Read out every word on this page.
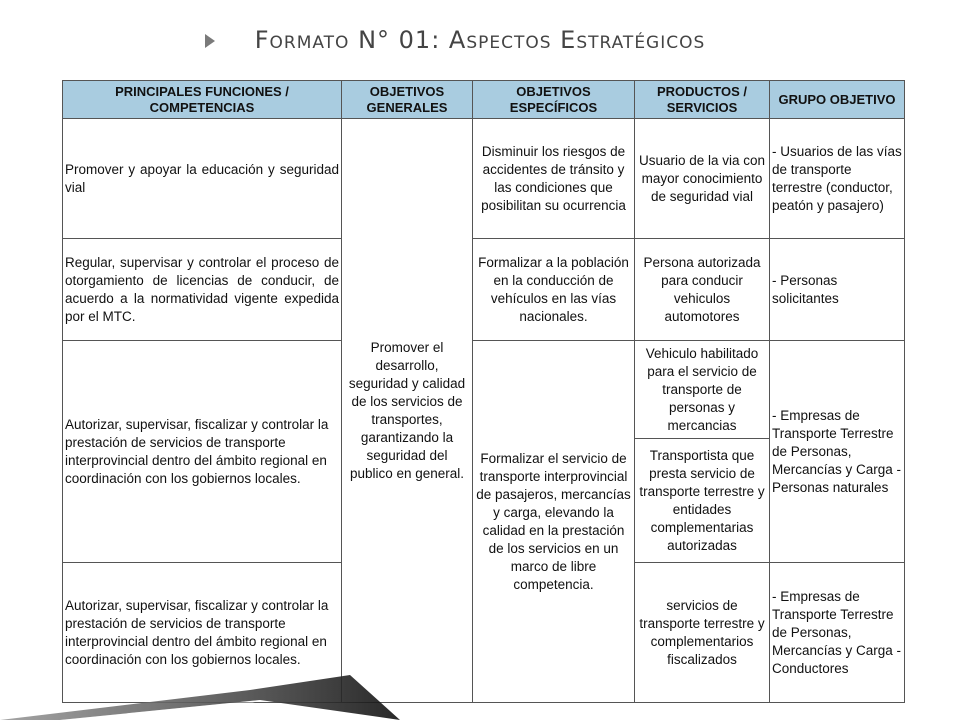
Formato N° 01: Aspectos Estratégicos
PRINCIPALES FUNCIONES / COMPETENCIAS	OBJETIVOS GENERALES	OBJETIVOS ESPECÍFICOS	PRODUCTOS / SERVICIOS	GRUPO OBJETIVO
Promover y apoyar la educación y seguridad vial	Promover el desarrollo, seguridad y calidad de los servicios de transportes, garantizando la seguridad del publico en general.	Disminuir los riesgos de accidentes de tránsito y las condiciones que posibilitan su ocurrencia	Usuario de la via con mayor conocimiento de seguridad vial	- Usuarios de las vías de transporte terrestre (conductor, peatón y pasajero)
Regular, supervisar y controlar el proceso de otorgamiento de licencias de conducir, de acuerdo a la normatividad vigente expedida por el MTC.		Formalizar a la población en la conducción de vehículos en las vías nacionales.	Persona autorizada para conducir vehiculos automotores	- Personas solicitantes
Autorizar, supervisar, fiscalizar y controlar la prestación de servicios de transporte interprovincial dentro del ámbito regional en coordinación con los gobiernos locales.		Formalizar el servicio de transporte interprovincial de pasajeros, mercancías y carga, elevando la calidad en la prestación de los servicios en un marco de libre competencia.	Vehiculo habilitado para el servicio de transporte de personas y mercancias	- Empresas de Transporte Terrestre de Personas, Mercancías y Carga - Personas naturales
			Transportista que presta servicio de transporte terrestre y entidades complementarias autorizadas	
Autorizar, supervisar, fiscalizar y controlar la prestación de servicios de transporte interprovincial dentro del ámbito regional en coordinación con los gobiernos locales.			servicios de transporte terrestre y complementarios fiscalizados	- Empresas de Transporte Terrestre de Personas, Mercancías y Carga - Conductores
